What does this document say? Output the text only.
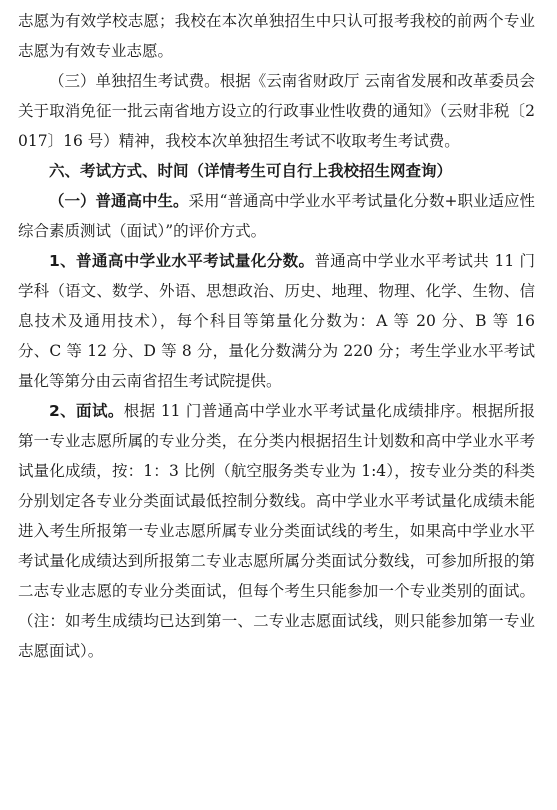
志愿为有效学校志愿；我校在本次单独招生中只认可报考我校的前两个专业志愿为有效专业志愿。

（三）单独招生考试费。根据《云南省财政厅 云南省发展和改革委员会关于取消免征一批云南省地方设立的行政事业性收费的通知》（云财非税〔2017〕16 号）精神，我校本次单独招生考试不收取考生考试费。

六、考试方式、时间（详情考生可自行上我校招生网查询）

（一）普通高中生。采用“普通高中学业水平考试量化分数+职业适应性综合素质测试（面试）”的评价方式。

1、普通高中学业水平考试量化分数。普通高中学业水平考试共 11 门学科（语文、数学、外语、思想政治、历史、地理、物理、化学、生物、信息技术及通用技术），每个科目等第量化分数为：A 等 20 分、B 等 16 分、C 等 12 分、D 等 8 分，量化分数满分为 220 分；考生学业水平考试量化等第分由云南省招生考试院提供。

2、面试。根据 11 门普通高中学业水平考试量化成绩排序。根据所报第一专业志愿所属的专业分类，在分类内根据招生计划数和高中学业水平考试量化成绩，按：1：3 比例（航空服务类专业为 1:4），按专业分类的科类分别划定各专业分类面试最低控制分数线。高中学业水平考试量化成绩未能进入考生所报第一专业志愿所属专业分类面试线的考生，如果高中学业水平考试量化成绩达到所报第二专业志愿所属分类面试分数线，可参加所报的第二志专业志愿的专业分类面试，但每个考生只能参加一个专业类别的面试。（注：如考生成绩均已达到第一、二专业志愿面试线，则只能参加第一专业志愿面试）。
